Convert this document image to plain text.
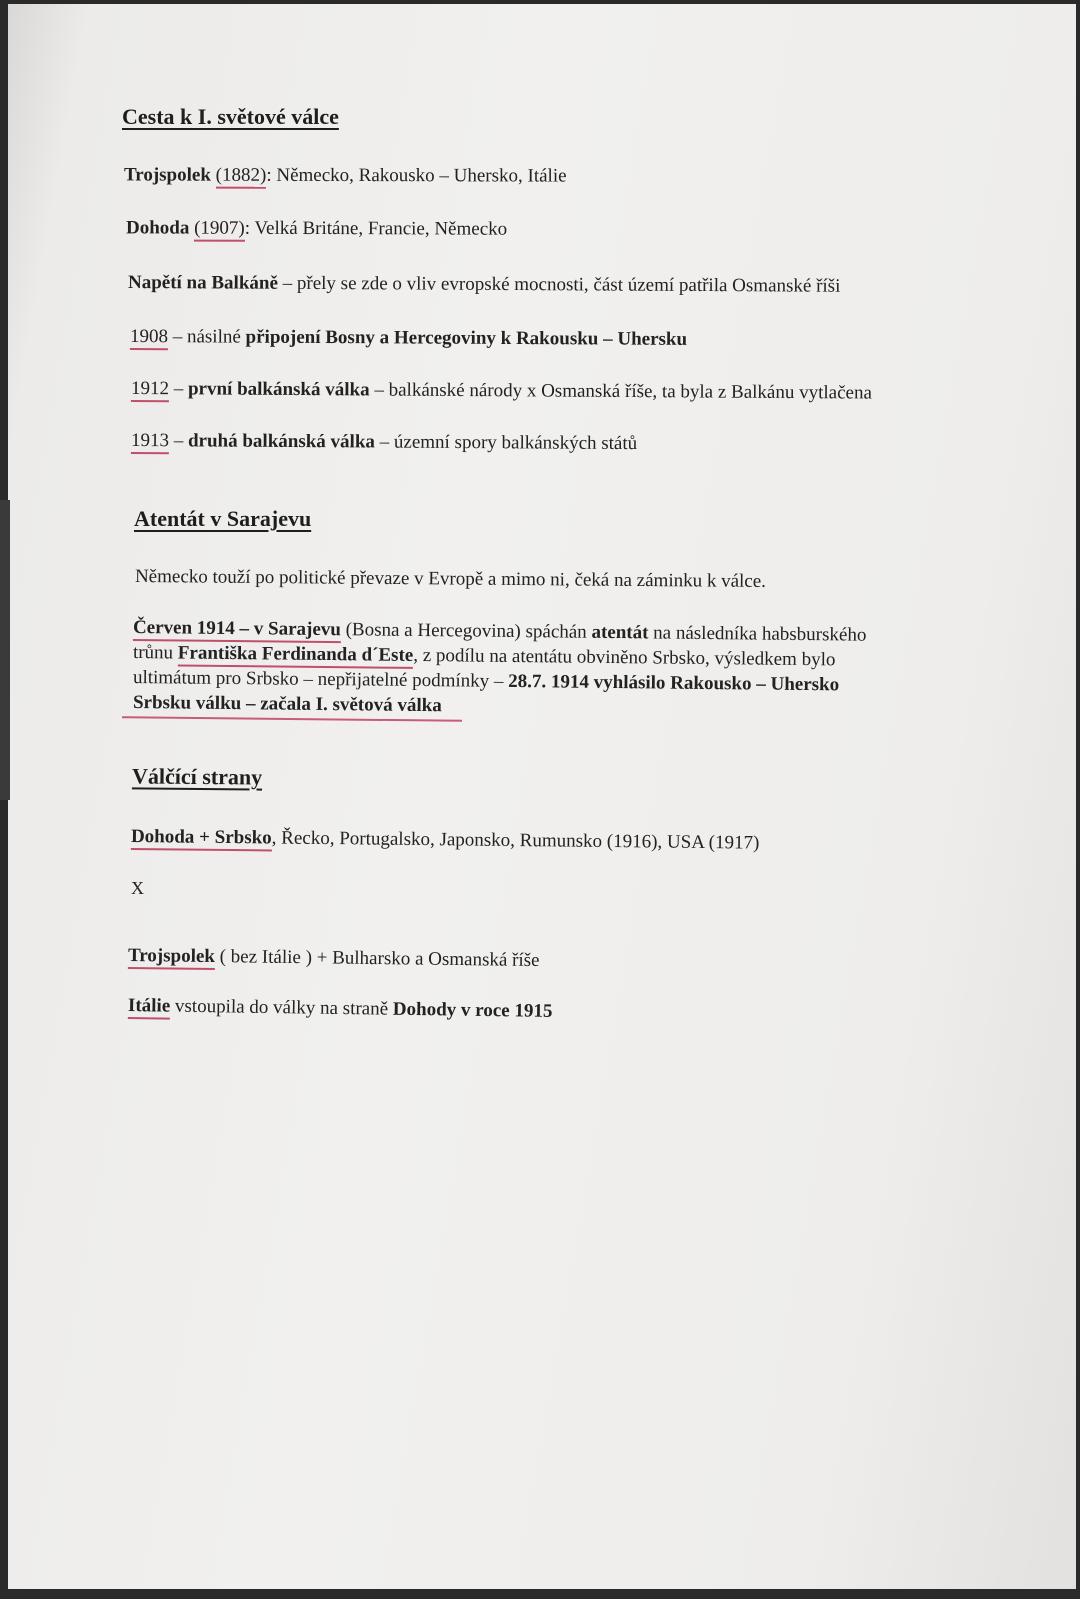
Cesta k I. světové válce
Trojspolek (1882): Německo, Rakousko – Uhersko, Itálie
Dohoda (1907): Velká Británe, Francie, Německo
Napětí na Balkáně – přely se zde o vliv evropské mocnosti, část území patřila Osmanské říši
1908 – násilné připojení Bosny a Hercegoviny k Rakousku – Uhersku
1912 – první balkánská válka – balkánské národy x Osmanská říše, ta byla z Balkánu vytlačena
1913 – druhá balkánská válka – územní spory balkánských států
Atentát v Sarajevu
Německo touží po politické převaze v Evropě a mimo ni, čeká na záminku k válce.
Červen 1914 – v Sarajevu (Bosna a Hercegovina) spáchán atentát na následníka habsburského
trůnu Františka Ferdinanda d´Este, z podílu na atentátu obviněno Srbsko, výsledkem bylo
ultimátum pro Srbsko – nepřijatelné podmínky – 28.7. 1914 vyhlásilo Rakousko – Uhersko
Srbsku válku – začala I. světová válka
Válčící strany
Dohoda + Srbsko, Řecko, Portugalsko, Japonsko, Rumunsko (1916), USA (1917)
X
Trojspolek ( bez Itálie ) + Bulharsko a Osmanská říše
Itálie vstoupila do války na straně Dohody v roce 1915
